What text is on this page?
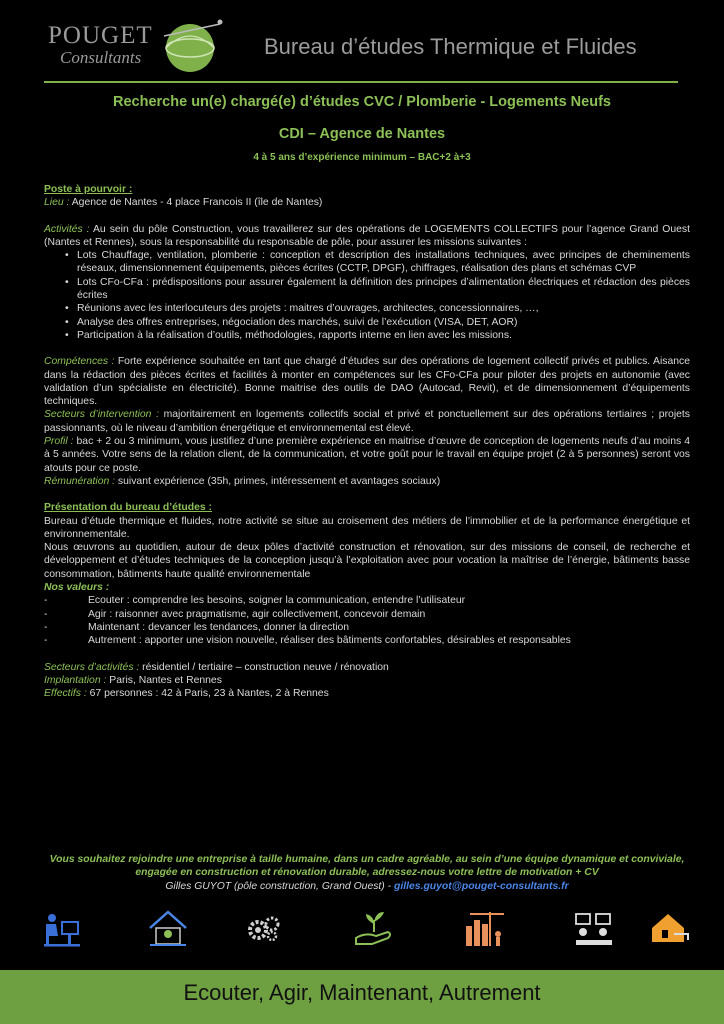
POUGET
Consultants	Bureau d’études Thermique et Fluides
Recherche un(e) chargé(e) d’études CVC / Plomberie - Logements Neufs
CDI – Agence de Nantes
4 à 5 ans d’expérience minimum – BAC+2 à+3

Poste à pourvoir :

Lieu : Agence de Nantes - 4 place Francois II (île de Nantes)

Activités : Au sein du pôle Construction, vous travaillerez sur des opérations de LOGEMENTS COLLECTIFS pour l’agence Grand Ouest (Nantes et Rennes), sous la responsabilité du responsable de pôle, pour assurer les missions suivantes :

• Lots Chauffage, ventilation, plomberie : conception et description des installations techniques, avec principes de cheminements réseaux, dimensionnement équipements, pièces écrites (CCTP, DPGF), chiffrages, réalisation des plans et schémas CVP
• Lots CFo-CFa : prédispositions pour assurer également la définition des principes d’alimentation électriques et rédaction des pièces écrites
• Réunions avec les interlocuteurs des projets : maitres d’ouvrages, architectes, concessionnaires, …,
• Analyse des offres entreprises, négociation des marchés, suivi de l’exécution (VISA, DET, AOR)
• Participation à la réalisation d’outils, méthodologies, rapports interne en lien avec les missions.

Compétences : Forte expérience souhaitée en tant que chargé d’études sur des opérations de logement collectif privés et publics. Aisance dans la rédaction des pièces écrites et facilités à monter en compétences sur les CFo-CFa pour piloter des projets en autonomie (avec validation d’un spécialiste en électricité). Bonne maitrise des outils de DAO (Autocad, Revit), et de dimensionnement d’équipements techniques.

Secteurs d’intervention : majoritairement en logements collectifs social et privé et ponctuellement sur des opérations tertiaires ; projets passionnants, où le niveau d’ambition énergétique et environnemental est élevé.

Profil : bac + 2 ou 3 minimum, vous justifiez d’une première expérience en maitrise d’œuvre de conception de logements neufs d’au moins 4 à 5 années. Votre sens de la relation client, de la communication, et votre goût pour le travail en équipe projet (2 à 5 personnes) seront vos atouts pour ce poste.

Rémunération : suivant expérience (35h, primes, intéressement et avantages sociaux)

Présentation du bureau d’études :

Bureau d’étude thermique et fluides, notre activité se situe au croisement des métiers de l’immobilier et de la performance énergétique et environnementale.

Nous œuvrons au quotidien, autour de deux pôles d’activité construction et rénovation, sur des missions de conseil, de recherche et développement et d’études techniques de la conception jusqu’à l’exploitation avec pour vocation la maîtrise de l’énergie, bâtiments basse consommation, bâtiments haute qualité environnementale

Nos valeurs :

- Ecouter : comprendre les besoins, soigner la communication, entendre l’utilisateur
- Agir : raisonner avec pragmatisme, agir collectivement, concevoir demain
- Maintenant : devancer les tendances, donner la direction
- Autrement : apporter une vision nouvelle, réaliser des bâtiments confortables, désirables et responsables

Secteurs d’activités : résidentiel / tertiaire – construction neuve / rénovation

Implantation : Paris, Nantes et Rennes

Effectifs : 67 personnes : 42 à Paris, 23 à Nantes, 2 à Rennes

Vous souhaitez rejoindre une entreprise à taille humaine, dans un cadre agréable, au sein d’une équipe dynamique et conviviale, engagée en construction et rénovation durable, adressez-nous votre lettre de motivation + CV
Gilles GUYOT (pôle construction, Grand Ouest) - gilles.guyot@pouget-consultants.fr
Ecouter, Agir, Maintenant, Autrement
